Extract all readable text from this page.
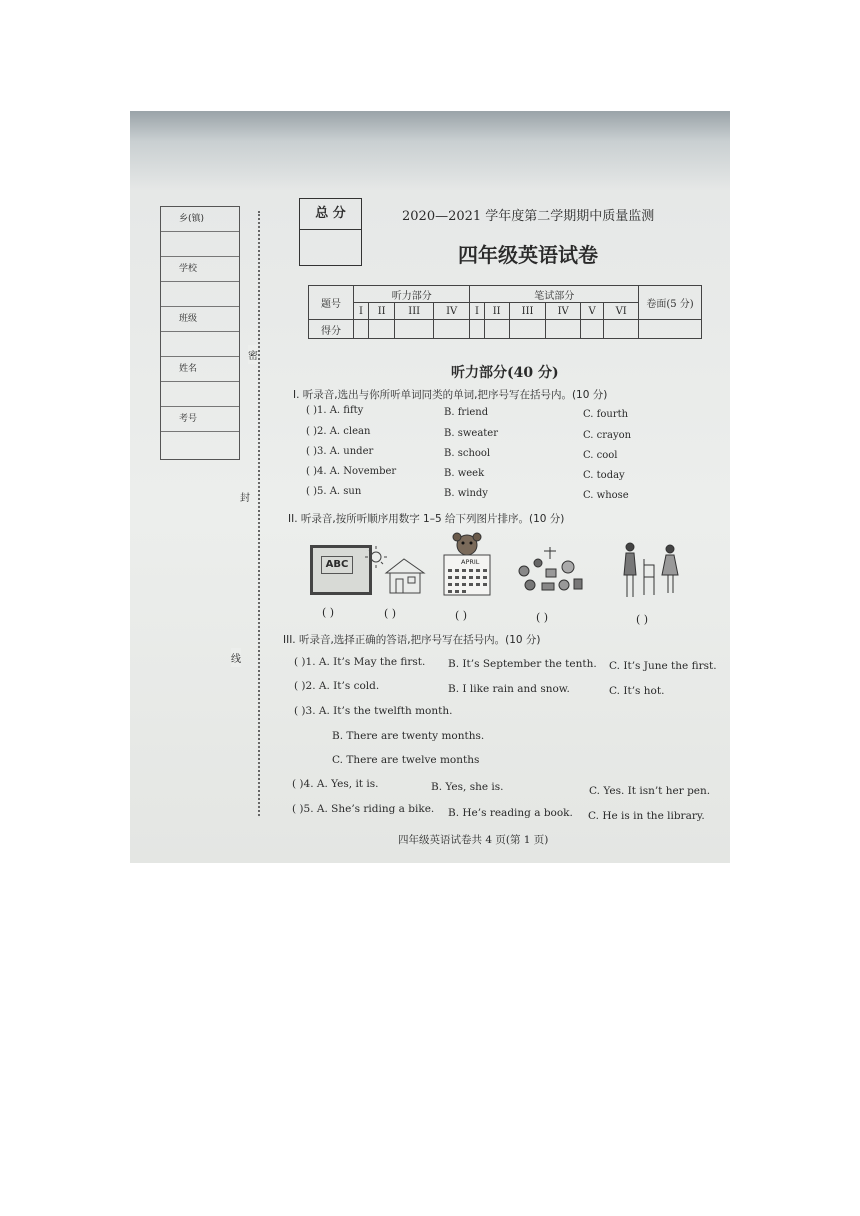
乡(镇)
学校
班级
姓名
考号
密
封
线
总 分	2020—2021 学年度第二学期期中质量监测
四年级英语试卷
题号	听力部分				笔试部分						卷面(5 分)
	I	II	III	IV	I	II	III	IV	V	VI	
得分											
听力部分(40 分)
I. 听录音,选出与你所听单词同类的单词,把序号写在括号内。(10 分)
( )1. A. fifty	B. friend	C. fourth
( )2. A. clean	B. sweater	C. crayon
( )3. A. under	B. school	C. cool
( )4. A. November	B. week	C. today
( )5. A. sun	B. windy	C. whose
II. 听录音,按所听顺序用数字 1–5 给下列图片排序。(10 分)
ABC	APRIL
( )	( )	( )	( )	( )
III. 听录音,选择正确的答语,把序号写在括号内。(10 分)
( )1. A. It’s May the first. B. It’s September the tenth. C. It’s June the first.
( )2. A. It’s cold.	B. I like rain and snow.	C. It’s hot.
( )3. A. It’s the twelfth month.
B. There are twenty months.
C. There are twelve months
( )4. A. Yes, it is.	B. Yes, she is.	C. Yes. It isn’t her pen.
( )5. A. She’s riding a bike. B. He’s reading a book. C. He is in the library.
四年级英语试卷共 4 页(第 1 页)
